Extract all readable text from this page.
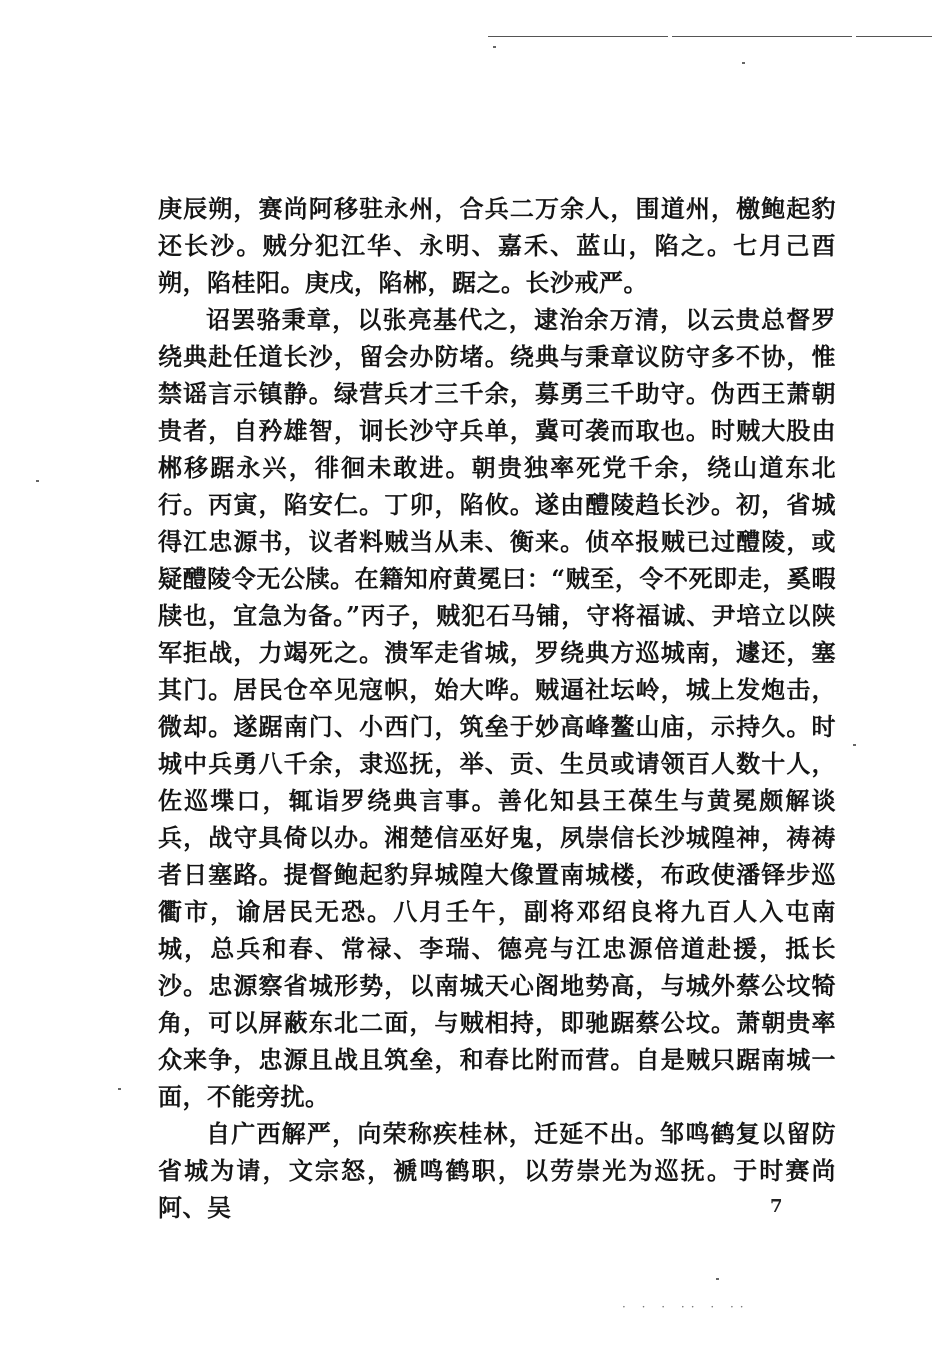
庚辰朔，赛尚阿移驻永州，合兵二万余人，围道州，檄鲍起豹还长沙。贼分犯江华、永明、嘉禾、蓝山，陷之。七月己酉朔，陷桂阳。庚戌，陷郴，踞之。长沙戒严。

诏罢骆秉章，以张亮基代之，逮治余万清，以云贵总督罗绕典赴任道长沙，留会办防堵。绕典与秉章议防守多不协，惟禁谣言示镇静。绿营兵才三千余，募勇三千助守。伪西王萧朝贵者，自矜雄智，诇长沙守兵单，冀可袭而取也。时贼大股由郴移踞永兴，徘徊未敢进。朝贵独率死党千余，绕山道东北行。丙寅，陷安仁。丁卯，陷攸。遂由醴陵趋长沙。初，省城得江忠源书，议者料贼当从耒、衡来。侦卒报贼已过醴陵，或疑醴陵令无公牍。在籍知府黄冕曰：“贼至，令不死即走，奚暇牍也，宜急为备。”丙子，贼犯石马铺，守将福诚、尹培立以陕军拒战，力竭死之。溃军走省城，罗绕典方巡城南，遽还，塞其门。居民仓卒见寇帜，始大哗。贼逼社坛岭，城上发炮击，微却。遂踞南门、小西门，筑垒于妙高峰鳌山庙，示持久。时城中兵勇八千余，隶巡抚，举、贡、生员或请领百人数十人，佐巡堞口，辄诣罗绕典言事。善化知县王葆生与黄冕颇解谈兵，战守具倚以办。湘楚信巫好鬼，夙崇信长沙城隍神，祷祷者日塞路。提督鲍起豹舁城隍大像置南城楼，布政使潘铎步巡衢市，谕居民无恐。八月壬午，副将邓绍良将九百人入屯南城，总兵和春、常禄、李瑞、德亮与江忠源倍道赴援，抵长沙。忠源察省城形势，以南城天心阁地势高，与城外蔡公坟犄角，可以屏蔽东北二面，与贼相持，即驰踞蔡公坟。萧朝贵率众来争，忠源且战且筑垒，和春比附而营。自是贼只踞南城一面，不能旁扰。

自广西解严，向荣称疾桂林，迁延不出。邹鸣鹤复以留防省城为请，文宗怒，褫鸣鹤职，以劳崇光为巡抚。于时赛尚阿、吴	7
· · · ·· · ··
